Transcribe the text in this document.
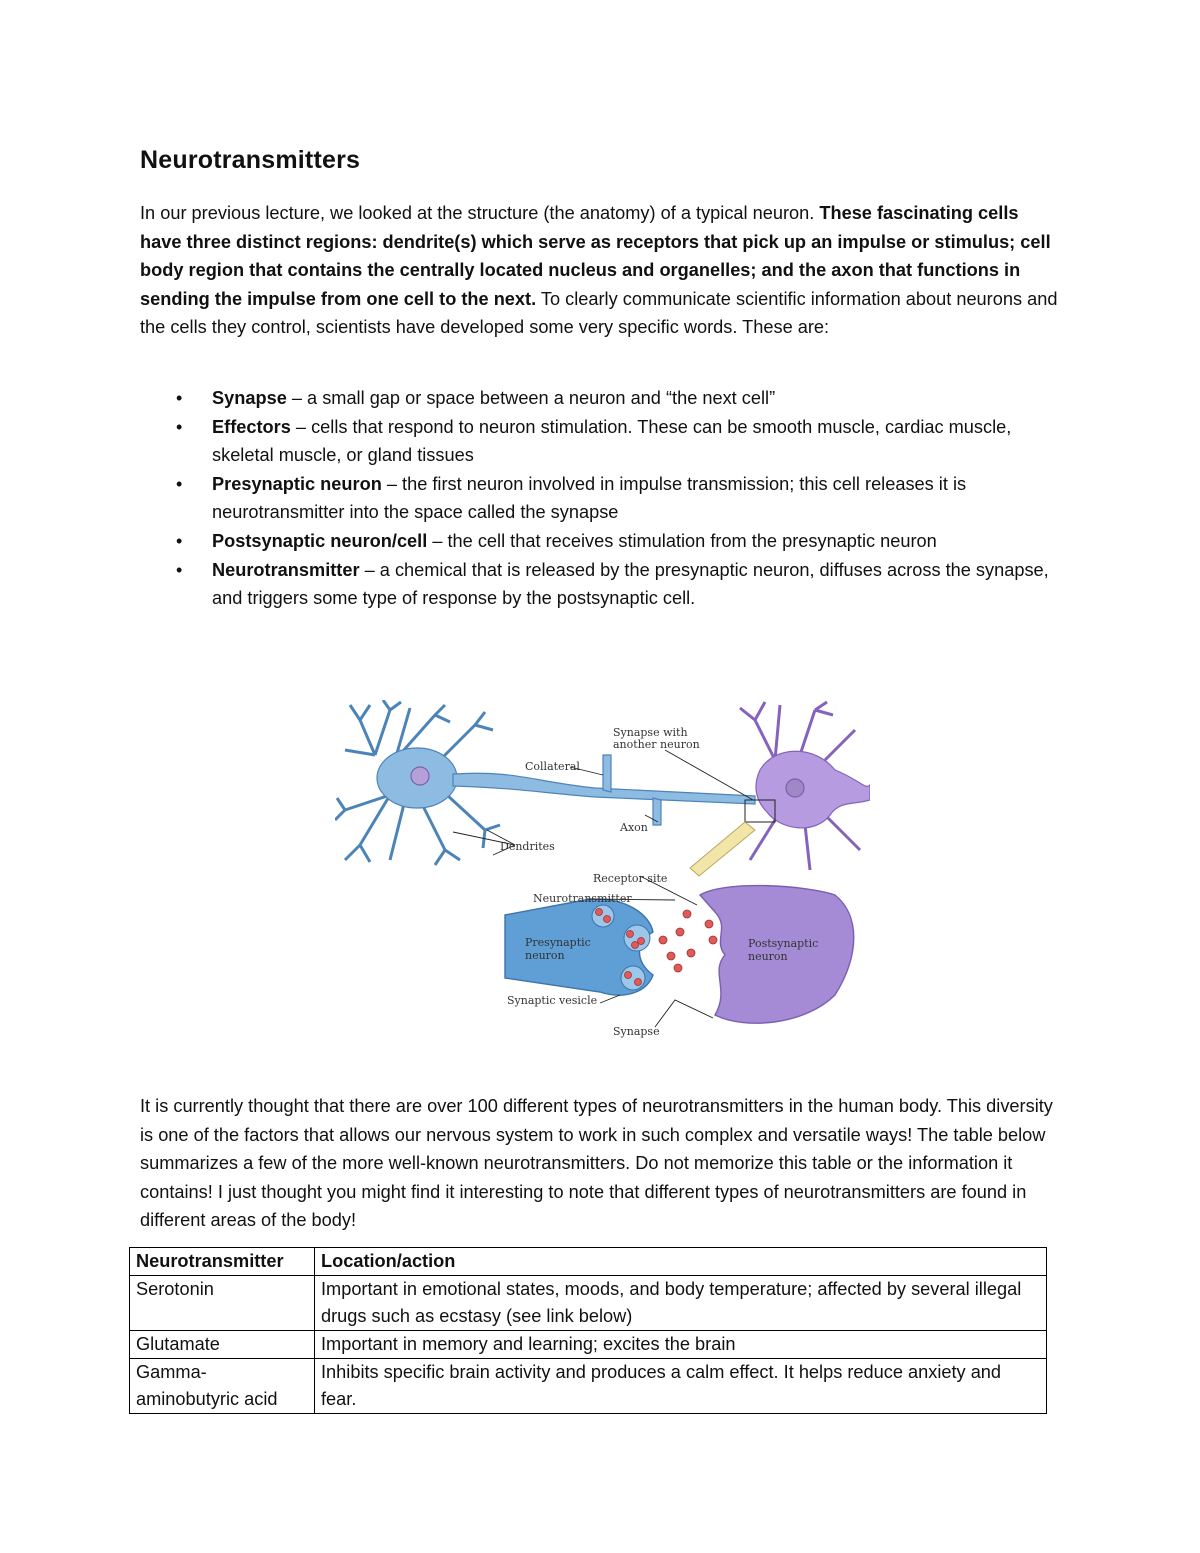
Neurotransmitters
In our previous lecture, we looked at the structure (the anatomy) of a typical neuron. These fascinating cells have three distinct regions: dendrite(s) which serve as receptors that pick up an impulse or stimulus; cell body region that contains the centrally located nucleus and organelles; and the axon that functions in sending the impulse from one cell to the next. To clearly communicate scientific information about neurons and the cells they control, scientists have developed some very specific words. These are:
• Synapse – a small gap or space between a neuron and “the next cell”
• Effectors – cells that respond to neuron stimulation. These can be smooth muscle, cardiac muscle, skeletal muscle, or gland tissues
• Presynaptic neuron – the first neuron involved in impulse transmission; this cell releases it is neurotransmitter into the space called the synapse
• Postsynaptic neuron/cell – the cell that receives stimulation from the presynaptic neuron
• Neurotransmitter – a chemical that is released by the presynaptic neuron, diffuses across the synapse, and triggers some type of response by the postsynaptic cell.
Collateral
Synapse with
another neuron
Axon
Dendrites
Receptor site
Neurotransmitter
Presynaptic
neuron
Postsynaptic
neuron
Synaptic vesicle
Synapse
It is currently thought that there are over 100 different types of neurotransmitters in the human body. This diversity is one of the factors that allows our nervous system to work in such complex and versatile ways! The table below summarizes a few of the more well-known neurotransmitters. Do not memorize this table or the information it contains! I just thought you might find it interesting to note that different types of neurotransmitters are found in different areas of the body!
Neurotransmitter	Location/action
Serotonin	Important in emotional states, moods, and body temperature; affected by several illegal drugs such as ecstasy (see link below)
Glutamate	Important in memory and learning; excites the brain
Gamma-aminobutyric acid	Inhibits specific brain activity and produces a calm effect. It helps reduce anxiety and fear.
